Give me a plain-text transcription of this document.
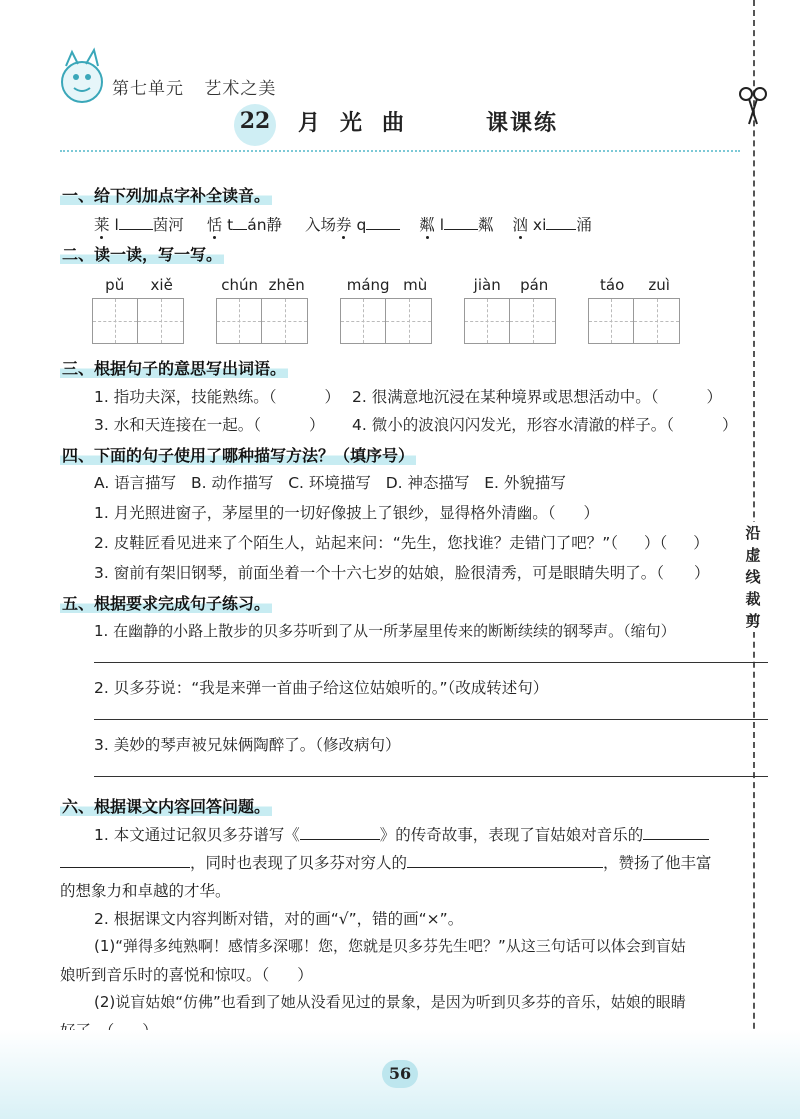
第七单元 艺术之美
22 月光曲	课课练
沿
虚
线
裁
剪
一、给下列加点字补全读音。
莱 l 茵河 恬 t án静 入场券 q	粼 l 粼 汹 xi 涌
二、读一读，写一写。
pǔ xiě	chún zhēn	máng mù	jiàn pán	táo zuì
三、根据句子的意思写出词语。
1. 指功夫深，技能熟练。（	） 2. 很满意地沉浸在某种境界或思想活动中。（	）
3. 水和天连接在一起。（	） 4. 微小的波浪闪闪发光，形容水清澈的样子。（	）
四、下面的句子使用了哪种描写方法？（填序号）
A. 语言描写   B. 动作描写   C. 环境描写   D. 神态描写   E. 外貌描写
1. 月光照进窗子，茅屋里的一切好像披上了银纱，显得格外清幽。（ ）
2. 皮鞋匠看见进来了个陌生人，站起来问：“先生，您找谁？走错门了吧？”（ ）（ ）
3. 窗前有架旧钢琴，前面坐着一个十六七岁的姑娘，脸很清秀，可是眼睛失明了。（ ）
五、根据要求完成句子练习。
1. 在幽静的小路上散步的贝多芬听到了从一所茅屋里传来的断断续续的钢琴声。（缩句）
2. 贝多芬说：“我是来弹一首曲子给这位姑娘听的。”（改成转述句）
3. 美妙的琴声被兄妹俩陶醉了。（修改病句）
六、根据课文内容回答问题。
1. 本文通过记叙贝多芬谱写《	》的传奇故事，表现了盲姑娘对音乐的
，同时也表现了贝多芬对穷人的	，赞扬了他丰富
的想象力和卓越的才华。
2. 根据课文内容判断对错，对的画“√”，错的画“×”。
(1)“弹得多纯熟啊！感情多深哪！您，您就是贝多芬先生吧？”从这三句话可以体会到盲姑
娘听到音乐时的喜悦和惊叹。（ ）
(2)说盲姑娘“仿佛”也看到了她从没看见过的景象，是因为听到贝多芬的音乐，姑娘的眼睛
56
